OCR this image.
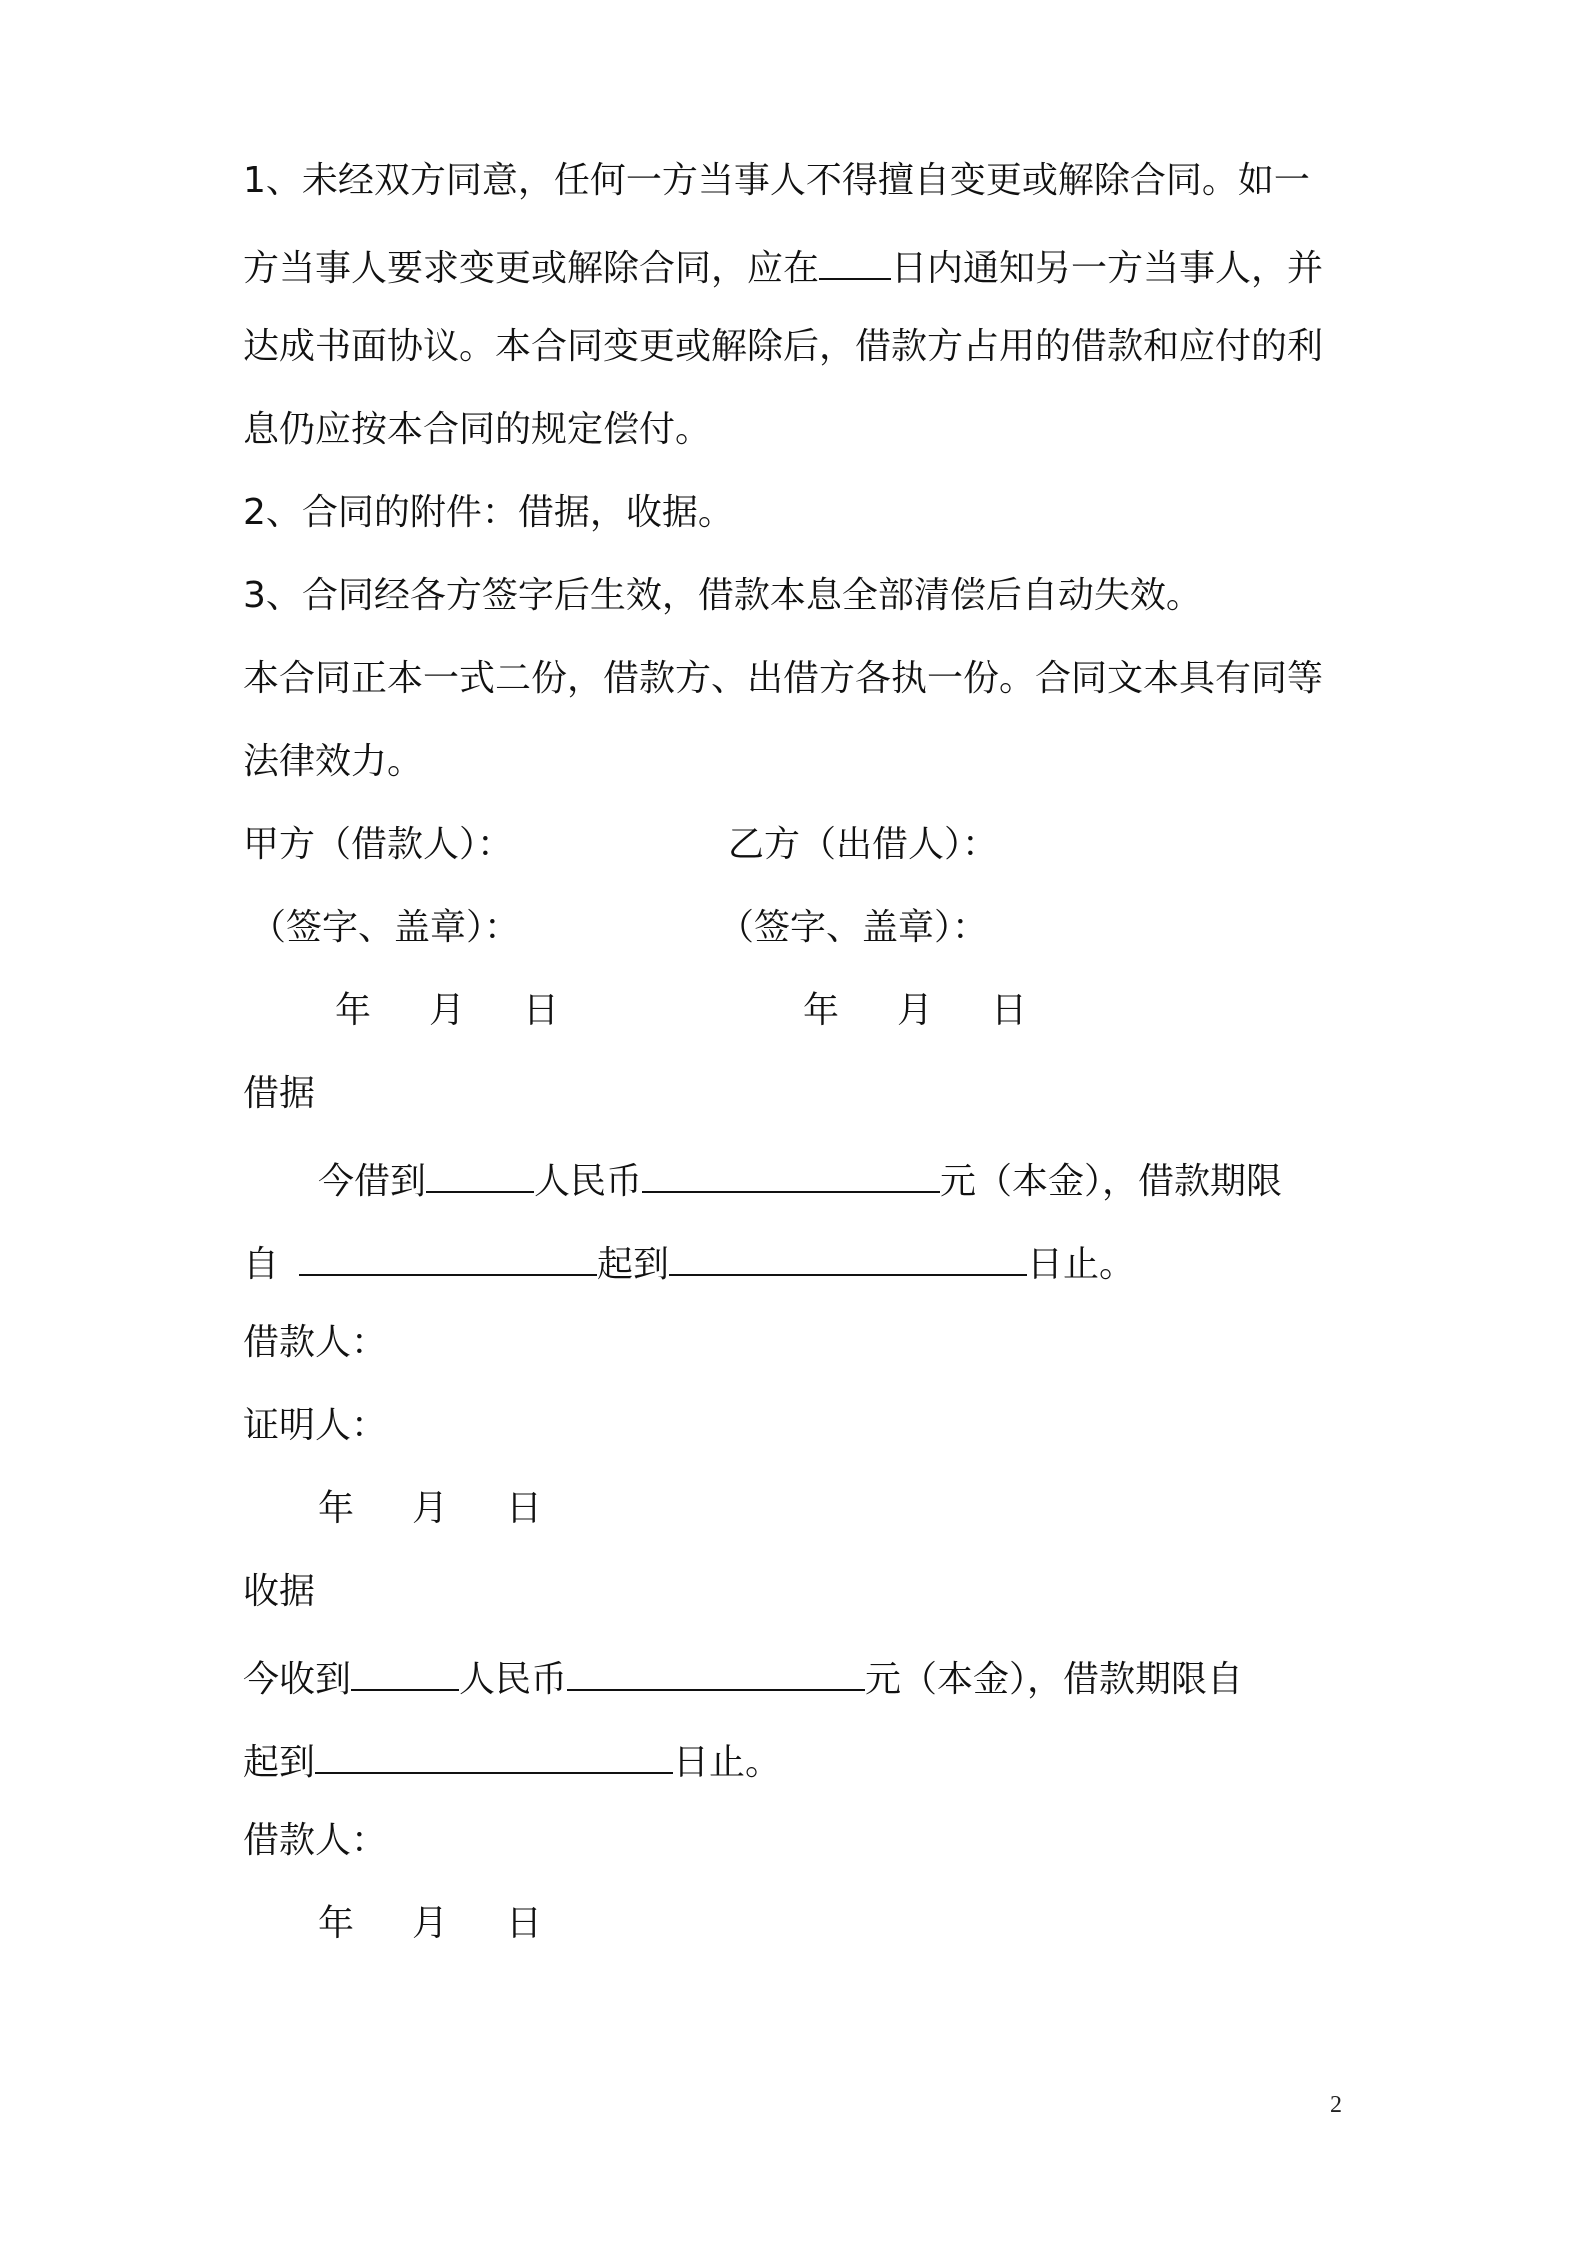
1、未经双方同意，任何一方当事人不得擅自变更或解除合同。如一
方当事人要求变更或解除合同，应在 日内通知另一方当事人，并
达成书面协议。本合同变更或解除后，借款方占用的借款和应付的利
息仍应按本合同的规定偿付。
2、合同的附件：借据，收据。
3、合同经各方签字后生效，借款本息全部清偿后自动失效。
本合同正本一式二份，借款方、出借方各执一份。合同文本具有同等
法律效力。
甲方（借款人）：	乙方（出借人）：
（签字、盖章）：	（签字、盖章）：
年 月 日	年 月 日
借据
今借到	人民币	元（本金），借款期限
自	起到	日止。
借款人：
证明人：
年 月 日
收据
今收到	人民币	元（本金），借款期限自
起到	日止。
借款人：
年 月 日
2
